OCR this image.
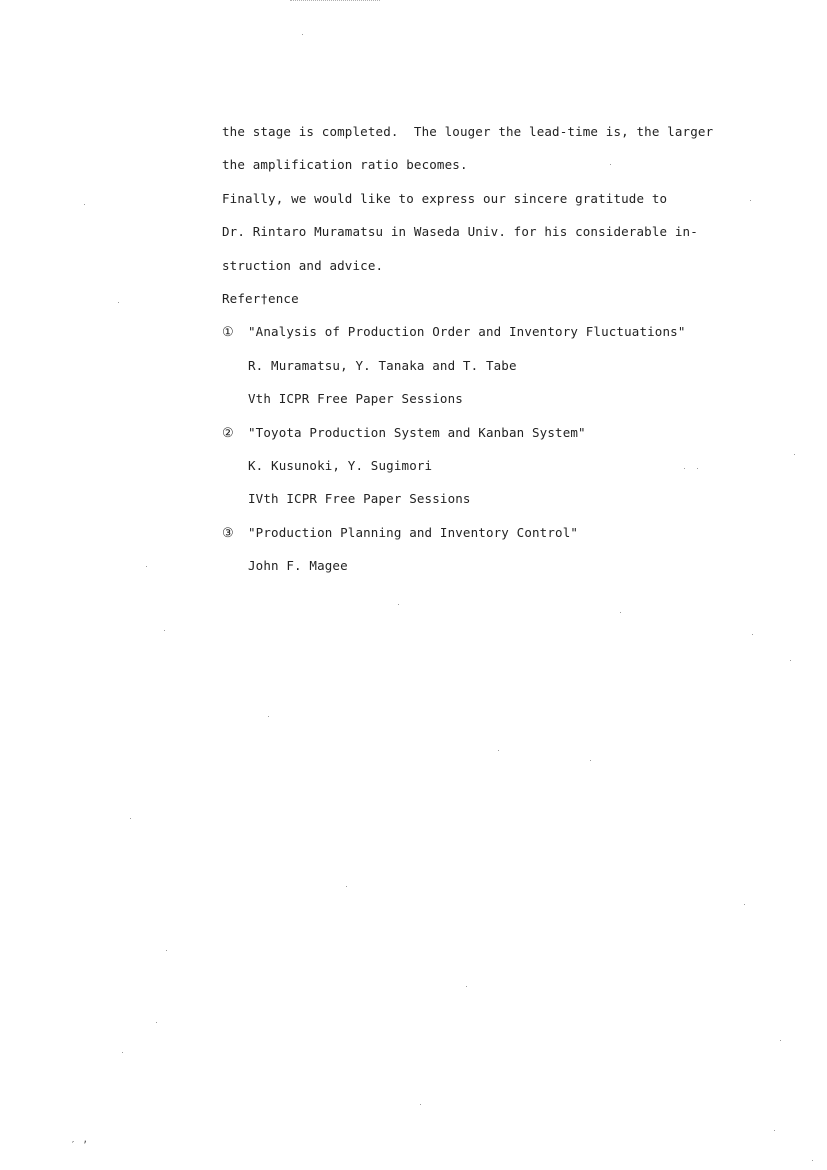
the stage is completed.  The louger the lead-time is, the larger
the amplification ratio becomes.
Finally, we would like to express our sincere gratitude to
Dr. Rintaro Muramatsu in Waseda Univ. for his considerable in-
struction and advice.
Refer†ence
①	"Analysis of Production Order and Inventory Fluctuations"
R. Muramatsu, Y. Tanaka and T. Tabe
Vth ICPR Free Paper Sessions
②	"Toyota Production System and Kanban System"
K. Kusunoki, Y. Sugimori
IVth ICPR Free Paper Sessions
③	"Production Planning and Inventory Control"
John F. Magee
′ ʼ
